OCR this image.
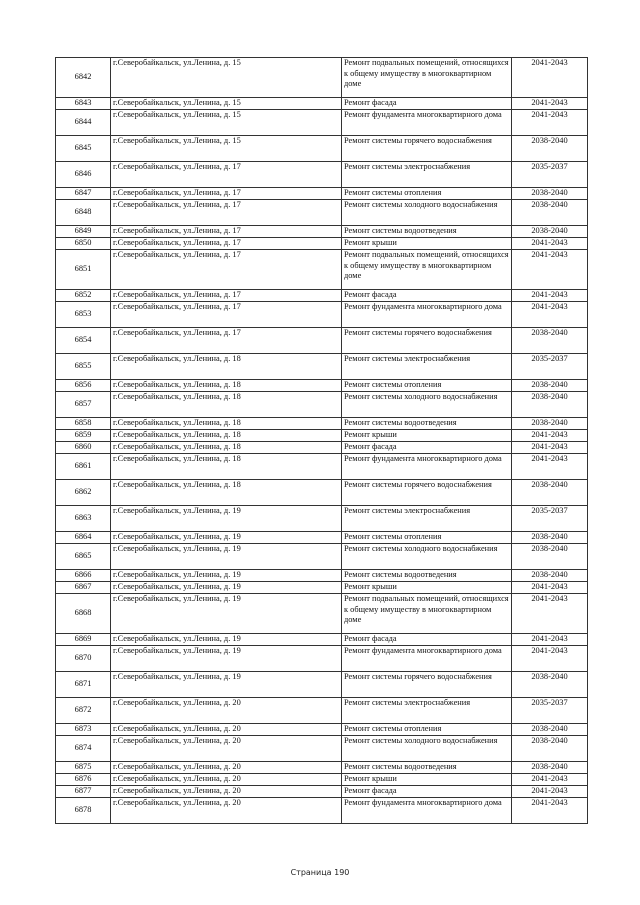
6842	г.Северобайкальск, ул.Ленина, д. 15	Ремонт подвальных помещений, относящихся к общему имуществу в многоквартирном доме	2041-2043
6843	г.Северобайкальск, ул.Ленина, д. 15	Ремонт фасада	2041-2043
6844	г.Северобайкальск, ул.Ленина, д. 15	Ремонт фундамента многоквартирного дома	2041-2043
6845	г.Северобайкальск, ул.Ленина, д. 15	Ремонт системы горячего водоснабжения	2038-2040
6846	г.Северобайкальск, ул.Ленина, д. 17	Ремонт системы электроснабжения	2035-2037
6847	г.Северобайкальск, ул.Ленина, д. 17	Ремонт системы отопления	2038-2040
6848	г.Северобайкальск, ул.Ленина, д. 17	Ремонт системы холодного водоснабжения	2038-2040
6849	г.Северобайкальск, ул.Ленина, д. 17	Ремонт системы водоотведения	2038-2040
6850	г.Северобайкальск, ул.Ленина, д. 17	Ремонт крыши	2041-2043
6851	г.Северобайкальск, ул.Ленина, д. 17	Ремонт подвальных помещений, относящихся к общему имуществу в многоквартирном доме	2041-2043
6852	г.Северобайкальск, ул.Ленина, д. 17	Ремонт фасада	2041-2043
6853	г.Северобайкальск, ул.Ленина, д. 17	Ремонт фундамента многоквартирного дома	2041-2043
6854	г.Северобайкальск, ул.Ленина, д. 17	Ремонт системы горячего водоснабжения	2038-2040
6855	г.Северобайкальск, ул.Ленина, д. 18	Ремонт системы электроснабжения	2035-2037
6856	г.Северобайкальск, ул.Ленина, д. 18	Ремонт системы отопления	2038-2040
6857	г.Северобайкальск, ул.Ленина, д. 18	Ремонт системы холодного водоснабжения	2038-2040
6858	г.Северобайкальск, ул.Ленина, д. 18	Ремонт системы водоотведения	2038-2040
6859	г.Северобайкальск, ул.Ленина, д. 18	Ремонт крыши	2041-2043
6860	г.Северобайкальск, ул.Ленина, д. 18	Ремонт фасада	2041-2043
6861	г.Северобайкальск, ул.Ленина, д. 18	Ремонт фундамента многоквартирного дома	2041-2043
6862	г.Северобайкальск, ул.Ленина, д. 18	Ремонт системы горячего водоснабжения	2038-2040
6863	г.Северобайкальск, ул.Ленина, д. 19	Ремонт системы электроснабжения	2035-2037
6864	г.Северобайкальск, ул.Ленина, д. 19	Ремонт системы отопления	2038-2040
6865	г.Северобайкальск, ул.Ленина, д. 19	Ремонт системы холодного водоснабжения	2038-2040
6866	г.Северобайкальск, ул.Ленина, д. 19	Ремонт системы водоотведения	2038-2040
6867	г.Северобайкальск, ул.Ленина, д. 19	Ремонт крыши	2041-2043
6868	г.Северобайкальск, ул.Ленина, д. 19	Ремонт подвальных помещений, относящихся к общему имуществу в многоквартирном доме	2041-2043
6869	г.Северобайкальск, ул.Ленина, д. 19	Ремонт фасада	2041-2043
6870	г.Северобайкальск, ул.Ленина, д. 19	Ремонт фундамента многоквартирного дома	2041-2043
6871	г.Северобайкальск, ул.Ленина, д. 19	Ремонт системы горячего водоснабжения	2038-2040
6872	г.Северобайкальск, ул.Ленина, д. 20	Ремонт системы электроснабжения	2035-2037
6873	г.Северобайкальск, ул.Ленина, д. 20	Ремонт системы отопления	2038-2040
6874	г.Северобайкальск, ул.Ленина, д. 20	Ремонт системы холодного водоснабжения	2038-2040
6875	г.Северобайкальск, ул.Ленина, д. 20	Ремонт системы водоотведения	2038-2040
6876	г.Северобайкальск, ул.Ленина, д. 20	Ремонт крыши	2041-2043
6877	г.Северобайкальск, ул.Ленина, д. 20	Ремонт фасада	2041-2043
6878	г.Северобайкальск, ул.Ленина, д. 20	Ремонт фундамента многоквартирного дома	2041-2043
Страница 190
